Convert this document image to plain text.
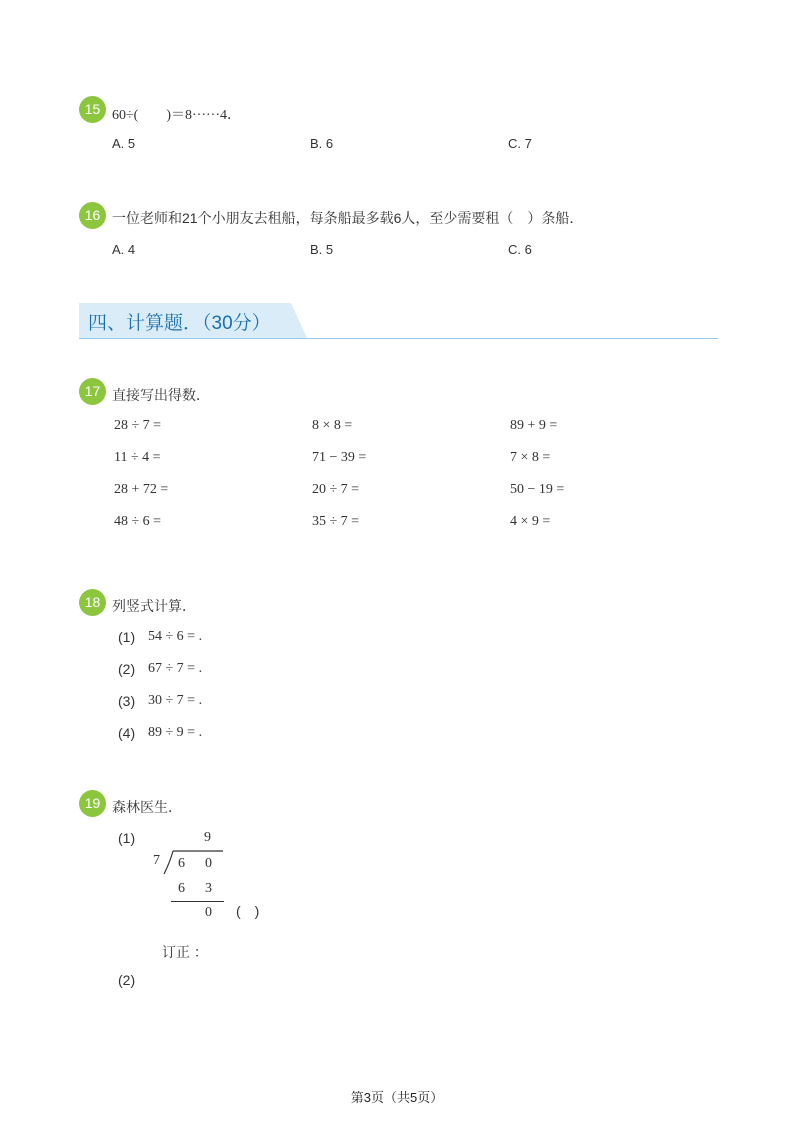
15 60÷(　　)＝8······4．
A. 5	B. 6	C. 7
16 一位老师和21个小朋友去租船，每条船最多载6人，至少需要租（　）条船．
A. 4	B. 5	C. 6
四、计算题．（30分）
17 直接写出得数．
28 ÷ 7 =	8 × 8 =	89 + 9 =
11 ÷ 4 =	71 − 39 =	7 × 8 =
28 + 72 =	20 ÷ 7 =	50 − 19 =
48 ÷ 6 =	35 ÷ 7 =	4 × 9 =
18 列竖式计算．
(1) 54 ÷ 6 = .
(2) 67 ÷ 7 = .
(3) 30 ÷ 7 = .
(4) 89 ÷ 9 = .
19 森林医生．
(1)	9
7 6 0
6 3
0 (　)
订正 ：
(2)
第3页（共5页）
